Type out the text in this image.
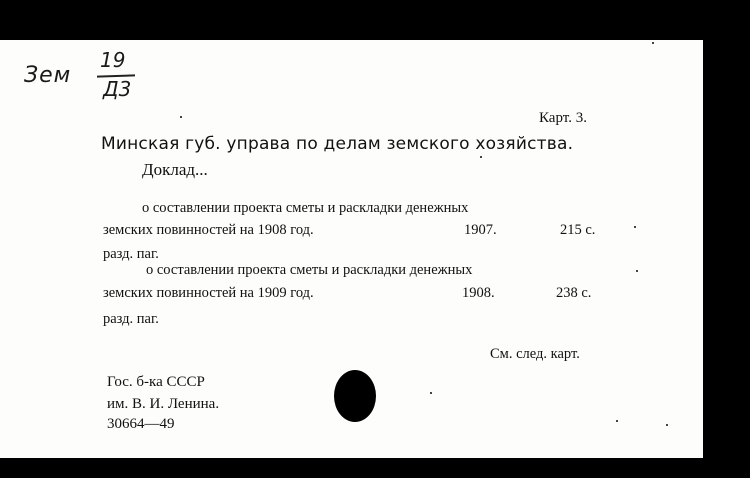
Зем
19
Д3
Карт. 3.
Минская губ. управа по делам земского хозяйства.
Доклад...
о составлении проекта сметы и раскладки денежных
земских повинностей на 1908 год.	1907.	215 с.
разд. паг.
о составлении проекта сметы и раскладки денежных
земских повинностей на 1909 год.	1908.	238 с.
разд. паг.
См. след. карт.
Гос. б-ка СССР
им. В. И. Ленина.
30664—49
